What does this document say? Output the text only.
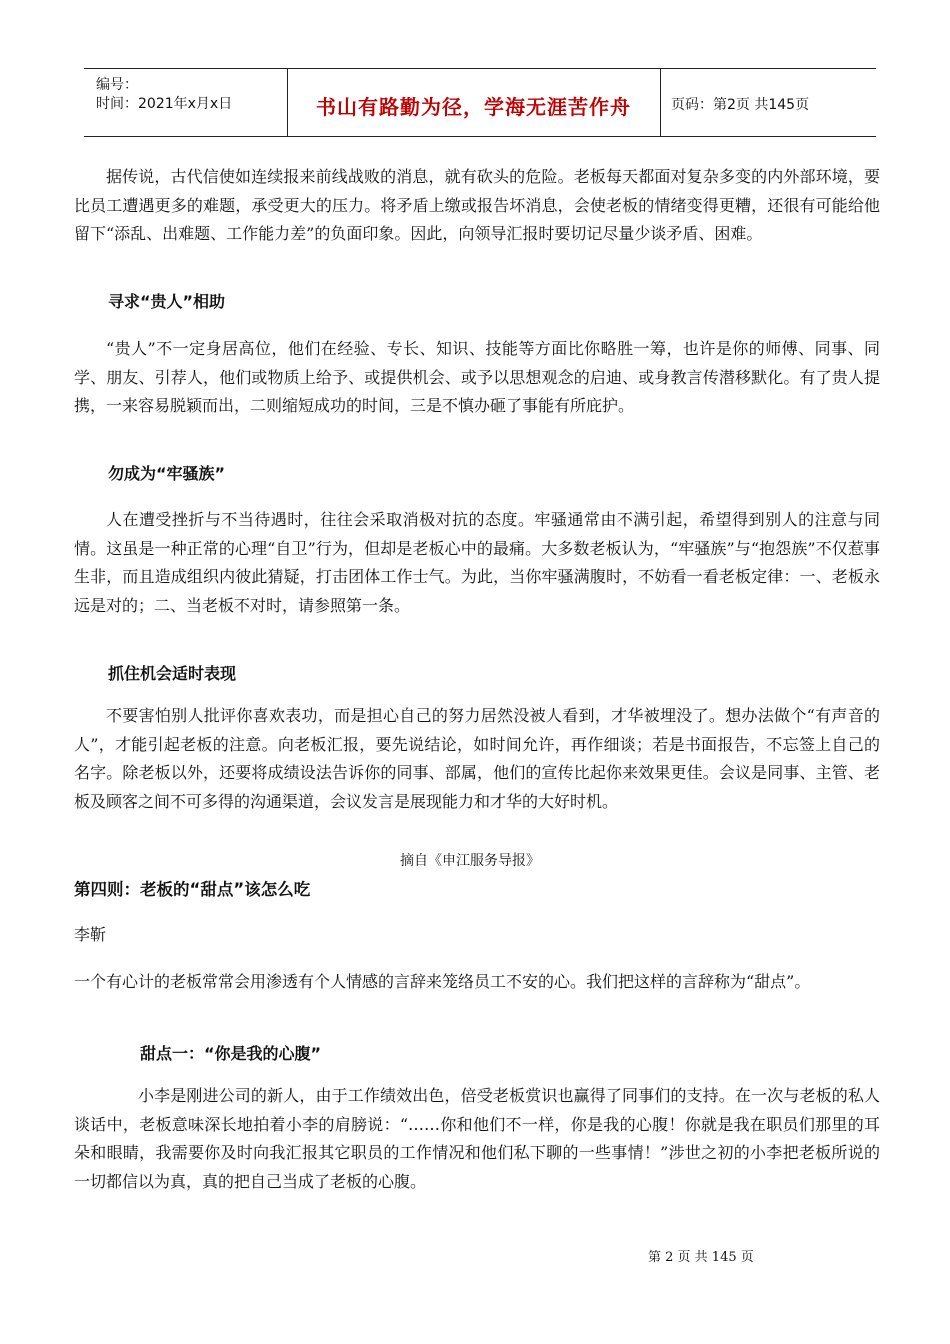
编号：
时间：2021年x月x日	书山有路勤为径，学海无涯苦作舟	页码：第2页 共145页

据传说，古代信使如连续报来前线战败的消息，就有砍头的危险。老板每天都面对复杂多变的内外部环境，要比员工遭遇更多的难题，承受更大的压力。将矛盾上缴或报告坏消息，会使老板的情绪变得更糟，还很有可能给他留下“添乱、出难题、工作能力差”的负面印象。因此，向领导汇报时要切记尽量少谈矛盾、困难。

寻求“贵人”相助

“贵人”不一定身居高位，他们在经验、专长、知识、技能等方面比你略胜一筹，也许是你的师傅、同事、同学、朋友、引荐人，他们或物质上给予、或提供机会、或予以思想观念的启迪、或身教言传潜移默化。有了贵人提携，一来容易脱颖而出，二则缩短成功的时间，三是不慎办砸了事能有所庇护。

勿成为“牢骚族”

人在遭受挫折与不当待遇时，往往会采取消极对抗的态度。牢骚通常由不满引起，希望得到别人的注意与同情。这虽是一种正常的心理“自卫”行为，但却是老板心中的最痛。大多数老板认为，“牢骚族”与“抱怨族”不仅惹事生非，而且造成组织内彼此猜疑，打击团体工作士气。为此，当你牢骚满腹时，不妨看一看老板定律：一、老板永远是对的；二、当老板不对时，请参照第一条。

抓住机会适时表现

不要害怕别人批评你喜欢表功，而是担心自己的努力居然没被人看到，才华被埋没了。想办法做个“有声音的人”，才能引起老板的注意。向老板汇报，要先说结论，如时间允许，再作细谈；若是书面报告，不忘签上自己的名字。除老板以外，还要将成绩设法告诉你的同事、部属，他们的宣传比起你来效果更佳。会议是同事、主管、老板及顾客之间不可多得的沟通渠道，会议发言是展现能力和才华的大好时机。

摘自《申江服务导报》

第四则：老板的“甜点”该怎么吃

李靳

一个有心计的老板常常会用渗透有个人情感的言辞来笼络员工不安的心。我们把这样的言辞称为“甜点”。

甜点一：“你是我的心腹”

小李是刚进公司的新人，由于工作绩效出色，倍受老板赏识也赢得了同事们的支持。在一次与老板的私人谈话中，老板意味深长地拍着小李的肩膀说：“……你和他们不一样，你是我的心腹！你就是我在职员们那里的耳朵和眼睛，我需要你及时向我汇报其它职员的工作情况和他们私下聊的一些事情！”涉世之初的小李把老板所说的一切都信以为真，真的把自己当成了老板的心腹。

第 2 页 共 145 页
